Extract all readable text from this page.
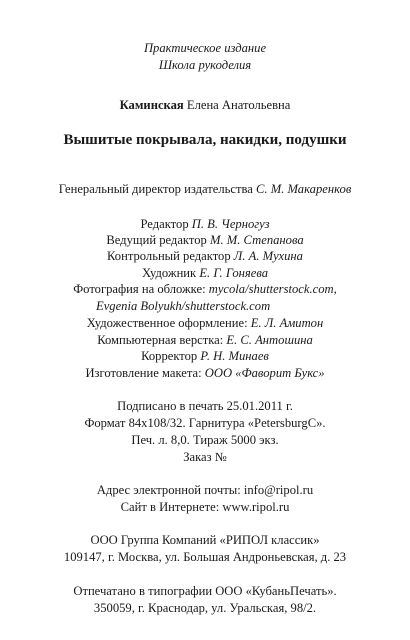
Практическое издание
Школа рукоделия
Каминская Елена Анатольевна
Вышитые покрывала, накидки, подушки
Генеральный директор издательства С. М. Макаренков
Редактор П. В. Черногуз
Ведущий редактор М. М. Степанова
Контрольный редактор Л. А. Мухина
Художник Е. Г. Гоняева
Фотография на обложке: mycola/shutterstock.com,
Evgenia Bolyukh/shutterstock.com
Художественное оформление: Е. Л. Амитон
Компьютерная верстка: Е. С. Антошина
Корректор Р. Н. Минаев
Изготовление макета: ООО «Фаворит Букс»
Подписано в печать 25.01.2011 г.
Формат 84x108/32. Гарнитура «PetersburgC».
Печ. л. 8,0. Тираж 5000 экз.
Заказ №
Адрес электронной почты: info@ripol.ru
Сайт в Интернете: www.ripol.ru
ООО Группа Компаний «РИПОЛ классик»
109147, г. Москва, ул. Большая Андроньевская, д. 23
Отпечатано в типографии ООО «КубаньПечать».
350059, г. Краснодар, ул. Уральская, 98/2.
